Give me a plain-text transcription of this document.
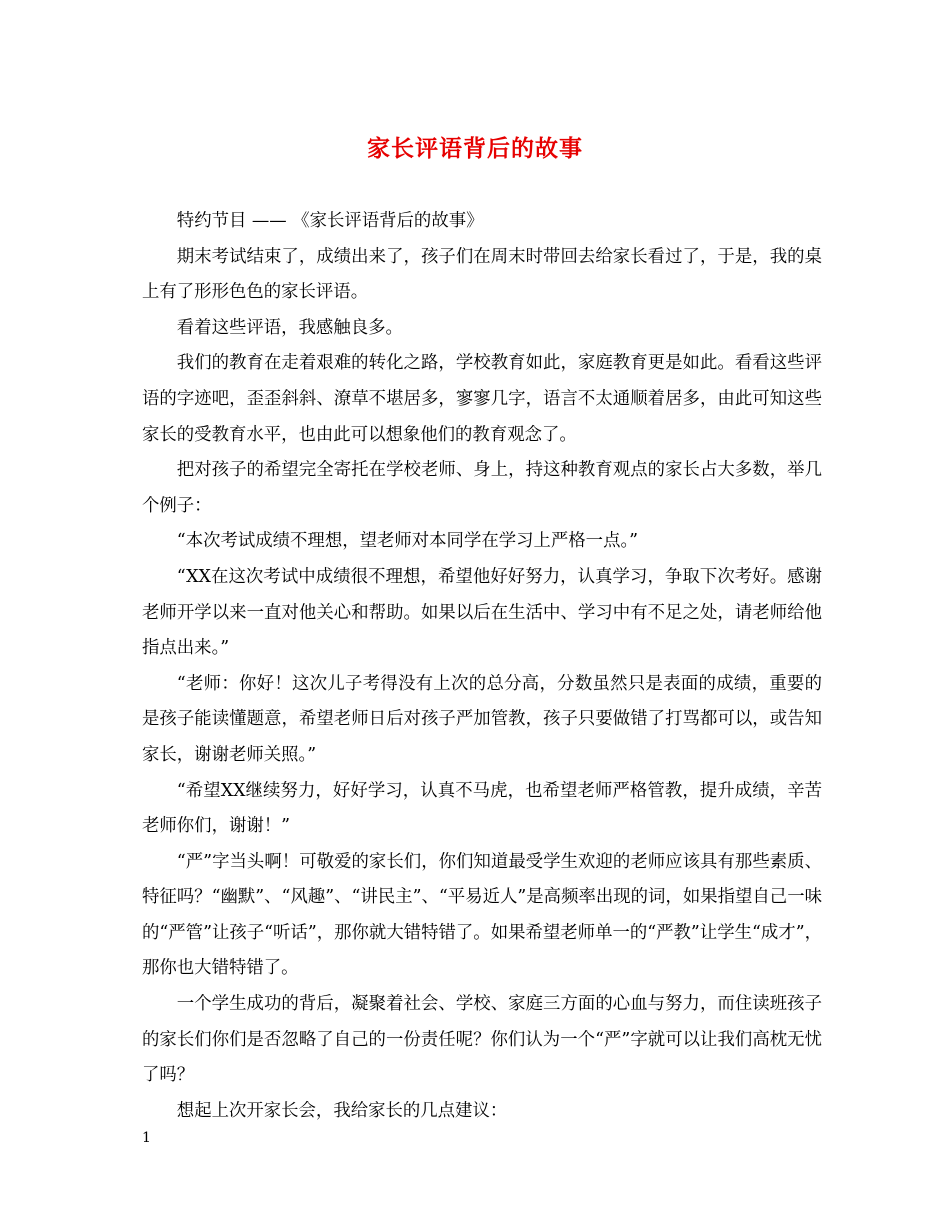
家长评语背后的故事

特约节目 —— 《家长评语背后的故事》

期末考试结束了，成绩出来了，孩子们在周末时带回去给家长看过了，于是，我的桌上有了形形色色的家长评语。

看着这些评语，我感触良多。

我们的教育在走着艰难的转化之路，学校教育如此，家庭教育更是如此。看看这些评语的字迹吧，歪歪斜斜、潦草不堪居多，寥寥几字，语言不太通顺着居多，由此可知这些家长的受教育水平，也由此可以想象他们的教育观念了。

把对孩子的希望完全寄托在学校老师、身上，持这种教育观点的家长占大多数，举几个例子：

“本次考试成绩不理想，望老师对本同学在学习上严格一点。”

“XX在这次考试中成绩很不理想，希望他好好努力，认真学习，争取下次考好。感谢老师开学以来一直对他关心和帮助。如果以后在生活中、学习中有不足之处，请老师给他指点出来。”

“老师：你好！这次儿子考得没有上次的总分高，分数虽然只是表面的成绩，重要的是孩子能读懂题意，希望老师日后对孩子严加管教，孩子只要做错了打骂都可以，或告知家长，谢谢老师关照。”

“希望XX继续努力，好好学习，认真不马虎，也希望老师严格管教，提升成绩，辛苦老师你们，谢谢！”

“严”字当头啊！可敬爱的家长们，你们知道最受学生欢迎的老师应该具有那些素质、特征吗？“幽默”、“风趣”、“讲民主”、“平易近人”是高频率出现的词，如果指望自己一味的“严管”让孩子“听话”，那你就大错特错了。如果希望老师单一的“严教”让学生“成才”，那你也大错特错了。

一个学生成功的背后，凝聚着社会、学校、家庭三方面的心血与努力，而住读班孩子的家长们你们是否忽略了自己的一份责任呢？你们认为一个“严”字就可以让我们高枕无忧了吗？

想起上次开家长会，我给家长的几点建议：

1
